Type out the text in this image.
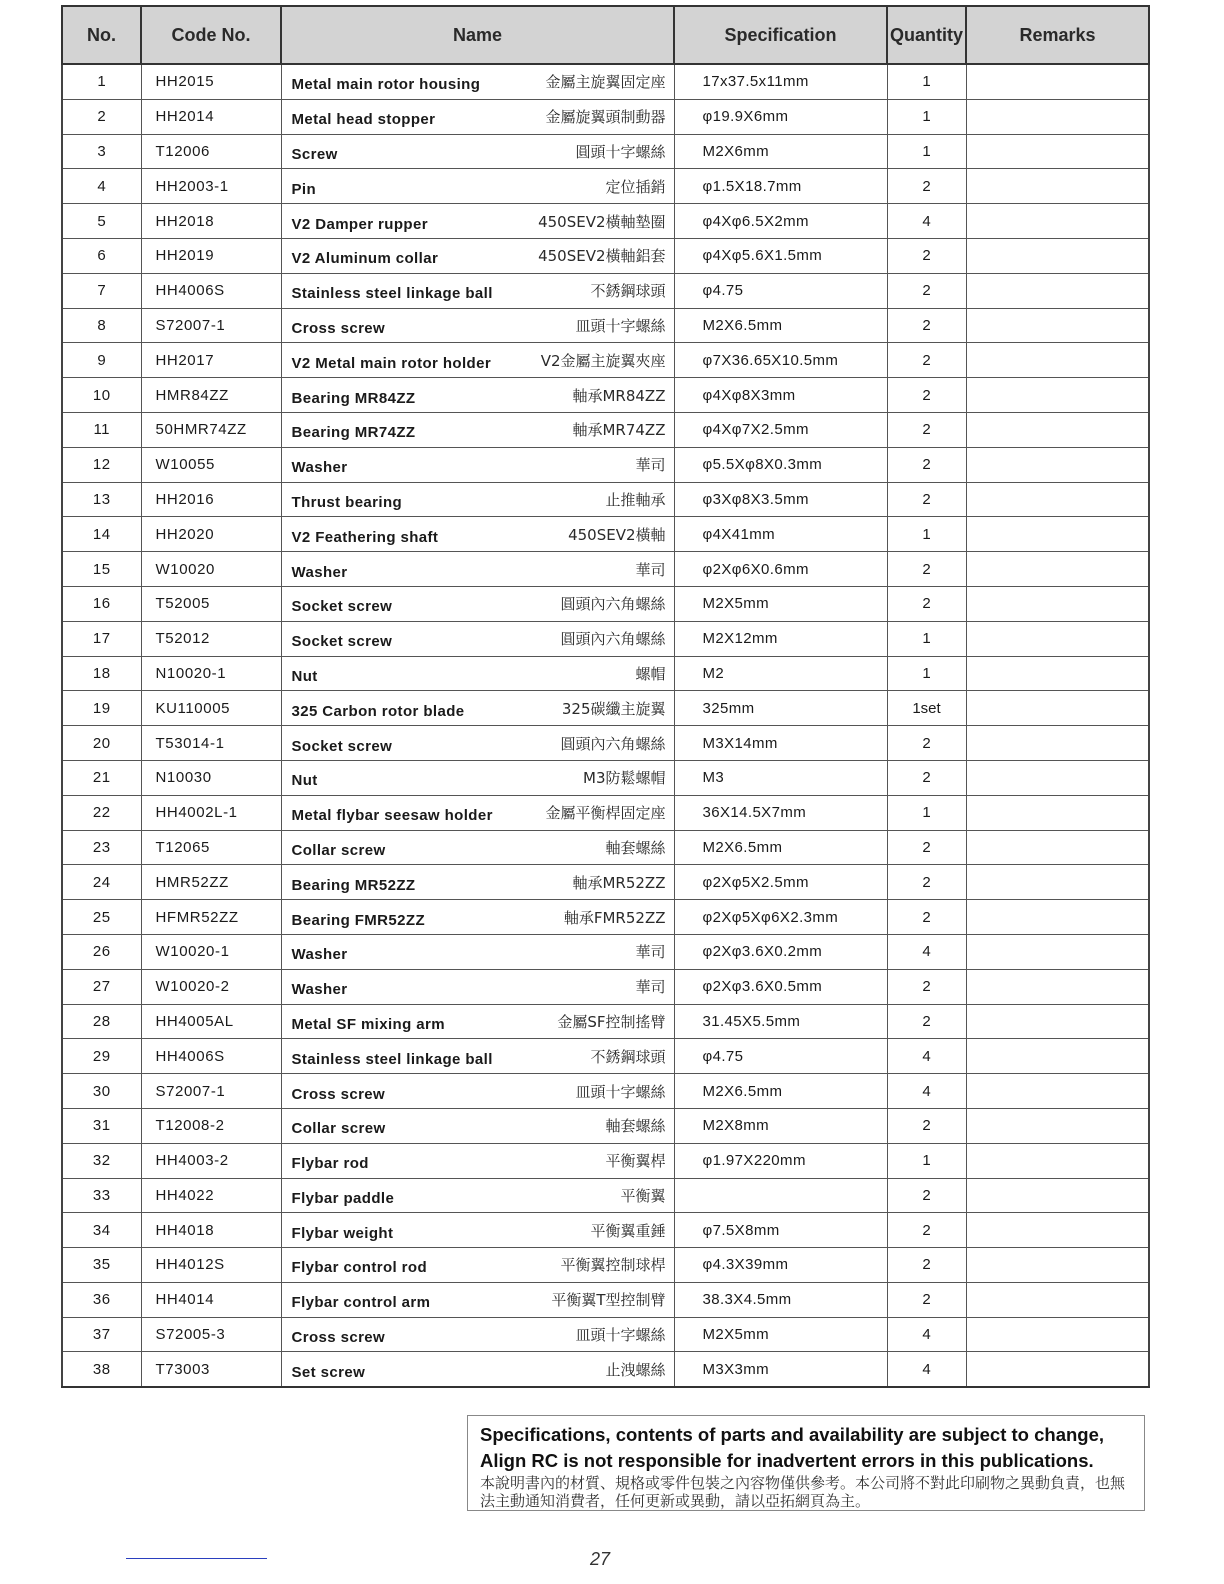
No.	Code No.	Name	Specification	Quantity	Remarks
1	HH2015	Metal main rotor housing 金屬主旋翼固定座	17x37.5x11mm	1	
2	HH2014	Metal head stopper 金屬旋翼頭制動器	φ19.9X6mm	1	
3	T12006	Screw 圓頭十字螺絲	M2X6mm	1	
4	HH2003-1	Pin 定位插銷	φ1.5X18.7mm	2	
5	HH2018	V2 Damper rupper 450SEV2橫軸墊圈	φ4Xφ6.5X2mm	4	
6	HH2019	V2 Aluminum collar 450SEV2橫軸鋁套	φ4Xφ5.6X1.5mm	2	
7	HH4006S	Stainless steel linkage ball 不銹鋼球頭	φ4.75	2	
8	S72007-1	Cross screw 皿頭十字螺絲	M2X6.5mm	2	
9	HH2017	V2 Metal main rotor holder V2金屬主旋翼夾座	φ7X36.65X10.5mm	2	
10	HMR84ZZ	Bearing MR84ZZ 軸承MR84ZZ	φ4Xφ8X3mm	2	
11	50HMR74ZZ	Bearing MR74ZZ 軸承MR74ZZ	φ4Xφ7X2.5mm	2	
12	W10055	Washer 華司	φ5.5Xφ8X0.3mm	2	
13	HH2016	Thrust bearing 止推軸承	φ3Xφ8X3.5mm	2	
14	HH2020	V2 Feathering shaft 450SEV2橫軸	φ4X41mm	1	
15	W10020	Washer 華司	φ2Xφ6X0.6mm	2	
16	T52005	Socket screw 圓頭內六角螺絲	M2X5mm	2	
17	T52012	Socket screw 圓頭內六角螺絲	M2X12mm	1	
18	N10020-1	Nut 螺帽	M2	1	
19	KU110005	325 Carbon rotor blade 325碳纖主旋翼	325mm	1set	
20	T53014-1	Socket screw 圓頭內六角螺絲	M3X14mm	2	
21	N10030	Nut M3防鬆螺帽	M3	2	
22	HH4002L-1	Metal flybar seesaw holder 金屬平衡桿固定座	36X14.5X7mm	1	
23	T12065	Collar screw 軸套螺絲	M2X6.5mm	2	
24	HMR52ZZ	Bearing MR52ZZ 軸承MR52ZZ	φ2Xφ5X2.5mm	2	
25	HFMR52ZZ	Bearing FMR52ZZ 軸承FMR52ZZ	φ2Xφ5Xφ6X2.3mm	2	
26	W10020-1	Washer 華司	φ2Xφ3.6X0.2mm	4	
27	W10020-2	Washer 華司	φ2Xφ3.6X0.5mm	2	
28	HH4005AL	Metal SF mixing arm 金屬SF控制搖臂	31.45X5.5mm	2	
29	HH4006S	Stainless steel linkage ball 不銹鋼球頭	φ4.75	4	
30	S72007-1	Cross screw 皿頭十字螺絲	M2X6.5mm	4	
31	T12008-2	Collar screw 軸套螺絲	M2X8mm	2	
32	HH4003-2	Flybar rod 平衡翼桿	φ1.97X220mm	1	
33	HH4022	Flybar paddle 平衡翼		2	
34	HH4018	Flybar weight 平衡翼重錘	φ7.5X8mm	2	
35	HH4012S	Flybar control rod 平衡翼控制球桿	φ4.3X39mm	2	
36	HH4014	Flybar control arm 平衡翼T型控制臂	38.3X4.5mm	2	
37	S72005-3	Cross screw 皿頭十字螺絲	M2X5mm	4	
38	T73003	Set screw 止洩螺絲	M3X3mm	4	
Specifications, contents of parts and availability are subject to change,
Align RC is not responsible for inadvertent errors in this publications.
本說明書內的材質、規格或零件包裝之內容物僅供參考。本公司將不對此印刷物之異動負責，也無法主動通知消費者，任何更新或異動，請以亞拓網頁為主。
27
